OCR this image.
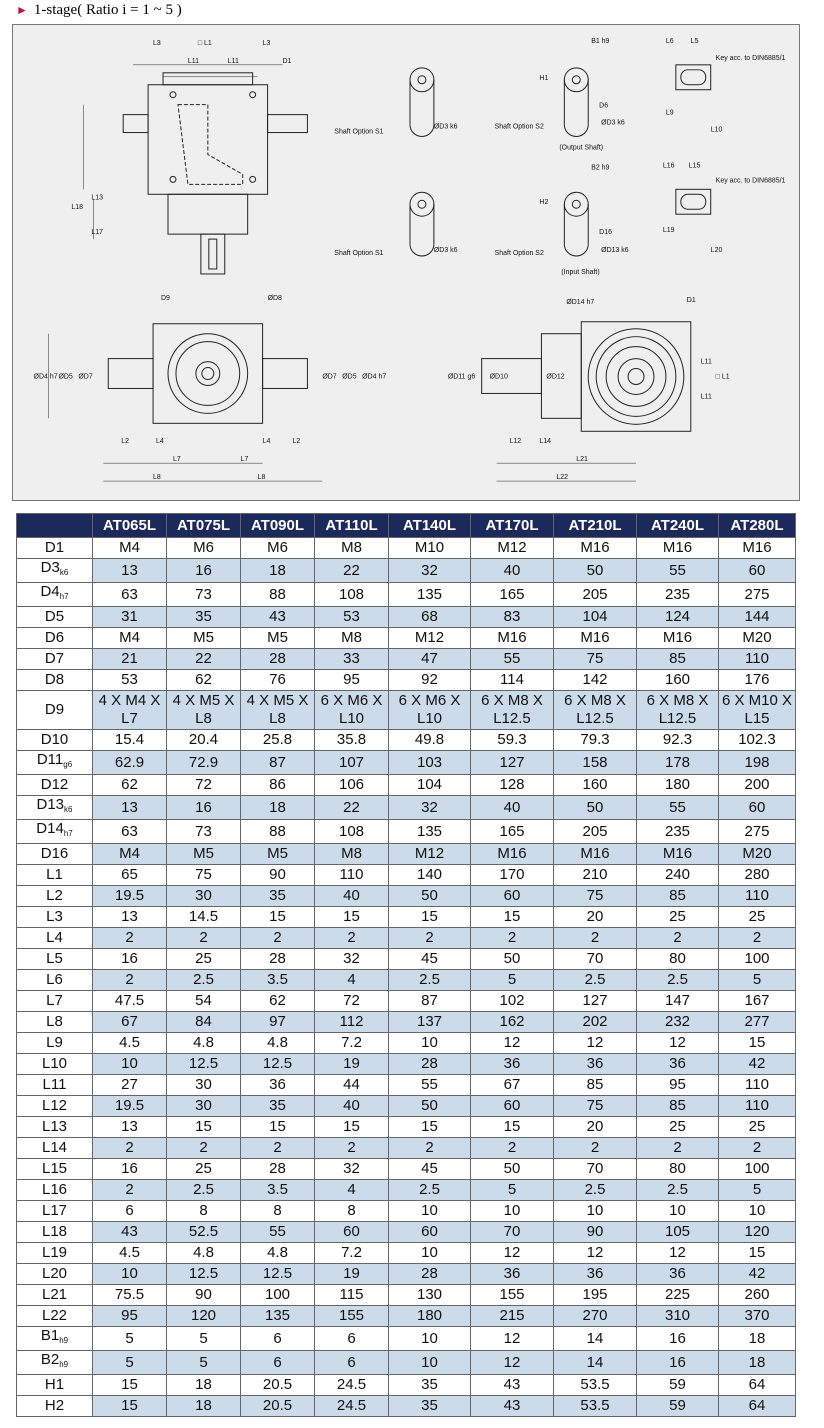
► 1-stage( Ratio i = 1 ~ 5 )
L3	□ L1	L3
L11	L11	D1
L18
L13
L17
Shaft Option S1
ØD3 k6	Shaft Option S2
ØD3 k6
B1 h9
H1
D6
(Output Shaft)
Shaft Option S1	ØD3 k6	Shaft Option S2	ØD13 k6
B2 h9
H2
D16
(Input Shaft)
Key acc. to DIN6885/1
Key acc. to DIN6885/1
L6 L5
L9
L10
L16 L15
L19
L20
D9	ØD8
ØD4 h7 ØD5 ØD7	ØD7 ØD5 ØD4 h7
L2	L4	L4	L2
L7	L7
L8	L8
ØD14 h7	D1
ØD11 g6 ØD10	ØD12
L11
L11
□ L1
L12	L14
L21
L22
	AT065L	AT075L	AT090L	AT110L	AT140L	AT170L	AT210L	AT240L	AT280L
D1	M4	M6	M6	M8	M10	M12	M16	M16	M16
$D3_{k6}$	13	16	18	22	32	40	50	55	60
$D4_{h7}$	63	73	88	108	135	165	205	235	275
D5	31	35	43	53	68	83	104	124	144
D6	M4	M5	M5	M8	M12	M16	M16	M16	M20
D7	21	22	28	33	47	55	75	85	110
D8	53	62	76	95	92	114	142	160	176
D9	4 X M4 X L7	4 X M5 X L8	4 X M5 X L8	6 X M6 X L10	6 X M6 X L10	6 X M8 X L12.5	6 X M8 X L12.5	6 X M8 X L12.5	6 X M10 X L15
D10	15.4	20.4	25.8	35.8	49.8	59.3	79.3	92.3	102.3
$D11_{g6}$	62.9	72.9	87	107	103	127	158	178	198
D12	62	72	86	106	104	128	160	180	200
$D13_{k6}$	13	16	18	22	32	40	50	55	60
$D14_{h7}$	63	73	88	108	135	165	205	235	275
D16	M4	M5	M5	M8	M12	M16	M16	M16	M20
L1	65	75	90	110	140	170	210	240	280
L2	19.5	30	35	40	50	60	75	85	110
L3	13	14.5	15	15	15	15	20	25	25
L4	2	2	2	2	2	2	2	2	2
L5	16	25	28	32	45	50	70	80	100
L6	2	2.5	3.5	4	2.5	5	2.5	2.5	5
L7	47.5	54	62	72	87	102	127	147	167
L8	67	84	97	112	137	162	202	232	277
L9	4.5	4.8	4.8	7.2	10	12	12	12	15
L10	10	12.5	12.5	19	28	36	36	36	42
L11	27	30	36	44	55	67	85	95	110
L12	19.5	30	35	40	50	60	75	85	110
L13	13	15	15	15	15	15	20	25	25
L14	2	2	2	2	2	2	2	2	2
L15	16	25	28	32	45	50	70	80	100
L16	2	2.5	3.5	4	2.5	5	2.5	2.5	5
L17	6	8	8	8	10	10	10	10	10
L18	43	52.5	55	60	60	70	90	105	120
L19	4.5	4.8	4.8	7.2	10	12	12	12	15
L20	10	12.5	12.5	19	28	36	36	36	42
L21	75.5	90	100	115	130	155	195	225	260
L22	95	120	135	155	180	215	270	310	370
$B1_{h9}$	5	5	6	6	10	12	14	16	18
$B2_{h9}$	5	5	6	6	10	12	14	16	18
H1	15	18	20.5	24.5	35	43	53.5	59	64
H2	15	18	20.5	24.5	35	43	53.5	59	64
